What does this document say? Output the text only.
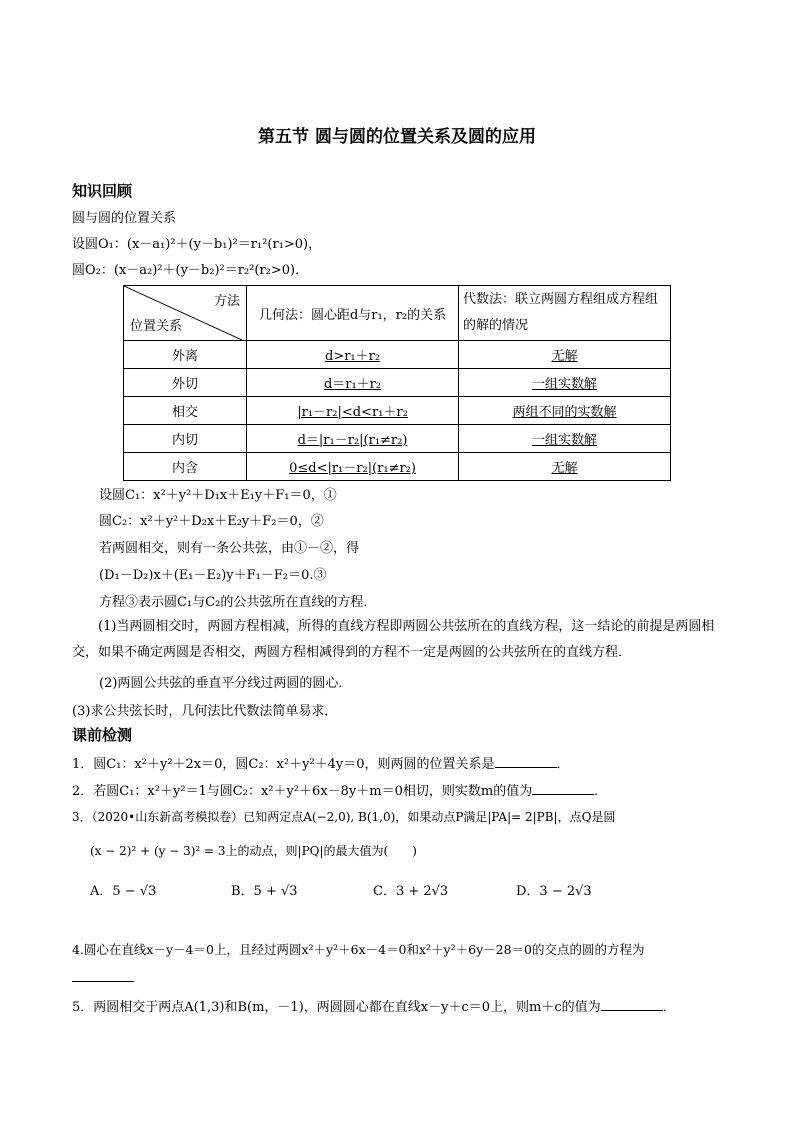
第五节 圆与圆的位置关系及圆的应用
知识回顾
圆与圆的位置关系
设圆O₁：(x－a₁)²＋(y－b₁)²＝r₁²(r₁>0)，
圆O₂：(x－a₂)²＋(y－b₂)²＝r₂²(r₂>0)．
方法
位置关系	几何法：圆心距d与r₁，r₂的关系	代数法：联立两圆方程组成方程组的解的情况
外离	d>r₁＋r₂	无解
外切	d＝r₁＋r₂	一组实数解
相交	|r₁－r₂|<d<r₁＋r₂	两组不同的实数解
内切	d＝|r₁－r₂|(r₁≠r₂)	一组实数解
内含	0≤d<|r₁－r₂|(r₁≠r₂)	无解
设圆C₁：x²＋y²＋D₁x＋E₁y＋F₁＝0，①
圆C₂：x²＋y²＋D₂x＋E₂y＋F₂＝0，②
若两圆相交，则有一条公共弦，由①－②，得
(D₁－D₂)x＋(E₁－E₂)y＋F₁－F₂＝0.③
方程③表示圆C₁与C₂的公共弦所在直线的方程．
(1)当两圆相交时，两圆方程相减，所得的直线方程即两圆公共弦所在的直线方程，这一结论的前提是两圆相交，如果不确定两圆是否相交，两圆方程相减得到的方程不一定是两圆的公共弦所在的直线方程．
(2)两圆公共弦的垂直平分线过两圆的圆心．
(3)求公共弦长时，几何法比代数法简单易求．
课前检测
1．圆C₁：x²＋y²＋2x＝0，圆C₂：x²＋y²＋4y＝0，则两圆的位置关系是	．
2．若圆C₁：x²＋y²＝1与圆C₂：x²＋y²＋6x－8y＋m＝0相切，则实数m的值为	．
3．（2020•山东新高考模拟卷）已知两定点A(−2,0), B(1,0)，如果动点P满足|PA|= 2|PB|，点Q是圆
(x − 2)² + (y − 3)² = 3上的动点，则|PQ|的最大值为(　　)
A．5 − √3	B．5 + √3	C．3 + 2√3	D．3 − 2√3
4.圆心在直线x－y－4＝0上，且经过两圆x²＋y²＋6x－4＝0和x²＋y²＋6y－28＝0的交点的圆的方程为
5．两圆相交于两点A(1,3)和B(m，－1)，两圆圆心都在直线x－y＋c＝0上，则m＋c的值为	．
